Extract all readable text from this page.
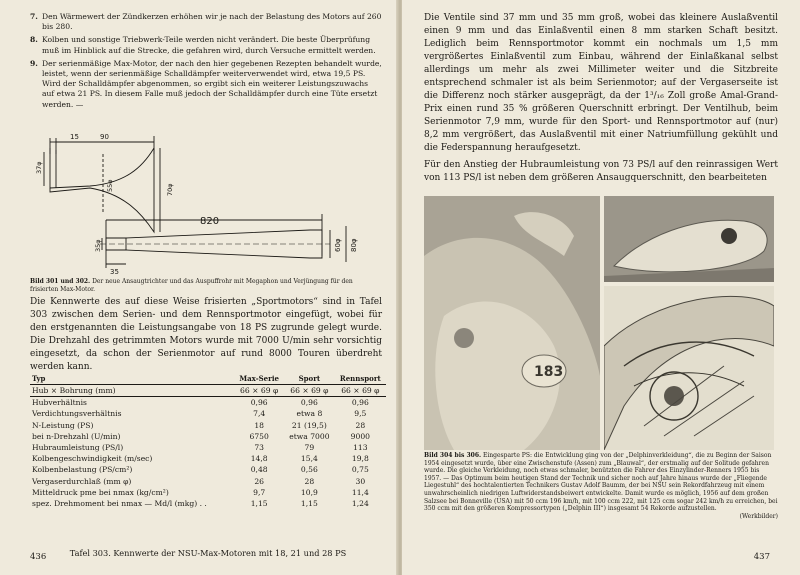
7. Den Wärmewert der Zündkerzen erhöhen wir je nach der Belastung des Motors auf 260 bis 280.
8. Kolben und sonstige Triebwerk-Teile werden nicht verändert. Die beste Überprüfung muß im Hinblick auf die Strecke, die gefahren wird, durch Versuche ermittelt werden.
9. Der serienmäßige Max-Motor, der nach den hier gegebenen Rezepten behandelt wurde, leistet, wenn der serienmäßige Schalldämpfer weiterverwendet wird, etwa 19,5 PS. Wird der Schalldämpfer abgenommen, so ergibt sich ein weiterer Leistungszuwachs auf etwa 21 PS. In diesem Falle muß jedoch der Schalldämpfer durch eine Tüte ersetzt werden. —
15	90
37φ
55φ	70φ
820
35φ
35
60φ 80φ
Bild 301 und 302. Der neue Ansaugtrichter und das Auspuffrohr mit Megaphon und Verjüngung für den frisierten Max-Motor.

Die Kennwerte des auf diese Weise frisierten „Sportmotors“ sind in Tafel 303 zwischen dem Serien- und dem Rennsportmotor eingefügt, wobei für den erstgenannten die Leistungsangabe von 18 PS zugrunde gelegt wurde. Die Drehzahl des getrimmten Motors wurde mit 7000 U/min sehr vorsichtig eingesetzt, da schon der Serienmotor auf rund 8000 Touren überdreht werden kann.

Typ	Max-Serie	Sport	Rennsport
Hub × Bohrung (mm)	66 × 69 φ	66 × 69 φ	66 × 69 φ
Hubverhältnis	0,96	0,96	0,96
Verdichtungsverhältnis	7,4	etwa 8	9,5
N-Leistung (PS)	18	21 (19,5)	28
bei n-Drehzahl (U/min)	6750	etwa 7000	9000
Hubraumleistung (PS/l)	73	79	113
Kolbengeschwindigkeit (m/sec)	14,8	15,4	19,8
Kolbenbelastung (PS/cm²)	0,48	0,56	0,75
Vergaserdurchlaß (mm φ)	26	28	30
Mitteldruck pme bei nmax (kg/cm²)	9,7	10,9	11,4
spez. Drehmoment bei nmax — Md/l (mkg) . .	1,15	1,15	1,24
Tafel 303. Kennwerte der NSU-Max-Motoren mit 18, 21 und 28 PS
436

Die Ventile sind 37 mm und 35 mm groß, wobei das kleinere Auslaßventil einen 9 mm und das Einlaßventil einen 8 mm starken Schaft besitzt. Lediglich beim Rennsportmotor kommt ein nochmals um 1,5 mm vergrößertes Einlaßventil zum Einbau, während der Einlaßkanal selbst allerdings um mehr als zwei Millimeter weiter und die Sitzbreite entsprechend schmaler ist als beim Serienmotor; auf der Vergaserseite ist die Differenz noch stärker ausgeprägt, da der 1³/₁₆ Zoll große Amal-Grand-Prix einen rund 35 % größeren Querschnitt erbringt. Der Ventilhub, beim Serienmotor 7,9 mm, wurde für den Sport- und Rennsportmotor auf (nur) 8,2 mm vergrößert, das Auslaßventil mit einer Natriumfüllung gekühlt und die Federspannung heraufgesetzt.

Für den Anstieg der Hubraumleistung von 73 PS/l auf den reinrassigen Wert von 113 PS/l ist neben dem größeren Ansaugquerschnitt, den bearbeiteten

183
Bild 304 bis 306. Eingesparte PS: die Entwicklung ging von der „Delphinverkleidung“, die zu Beginn der Saison 1954 eingesetzt wurde, über eine Zwischenstufe (Assen) zum „Blauwal“, der erstmalig auf der Solitude gefahren wurde. Die gleiche Verkleidung, noch etwas schmaler, benützten die Fahrer des Einzylinder-Renners 1955 bis 1957. — Das Optimum beim heutigen Stand der Technik und sicher noch auf Jahre hinaus wurde der „Fliegende Liegestuhl“ des hochtalentierten Technikers Gustav Adolf Baumm, der bei NSU sein Rekordfahrzeug mit einem unwahrscheinlich niedrigen Luftwiderstandsbeiwert entwickelte. Damit wurde es möglich, 1956 auf dem großen Salzsee bei Bonneville (USA) mit 50 ccm 196 km/h, mit 100 ccm 222, mit 125 ccm sogar 242 km/h zu erreichen, bei 350 ccm mit den größeren Kompressortypen („Delphin III“) insgesamt 54 Rekorde aufzustellen.
(Werkbilder)
437
